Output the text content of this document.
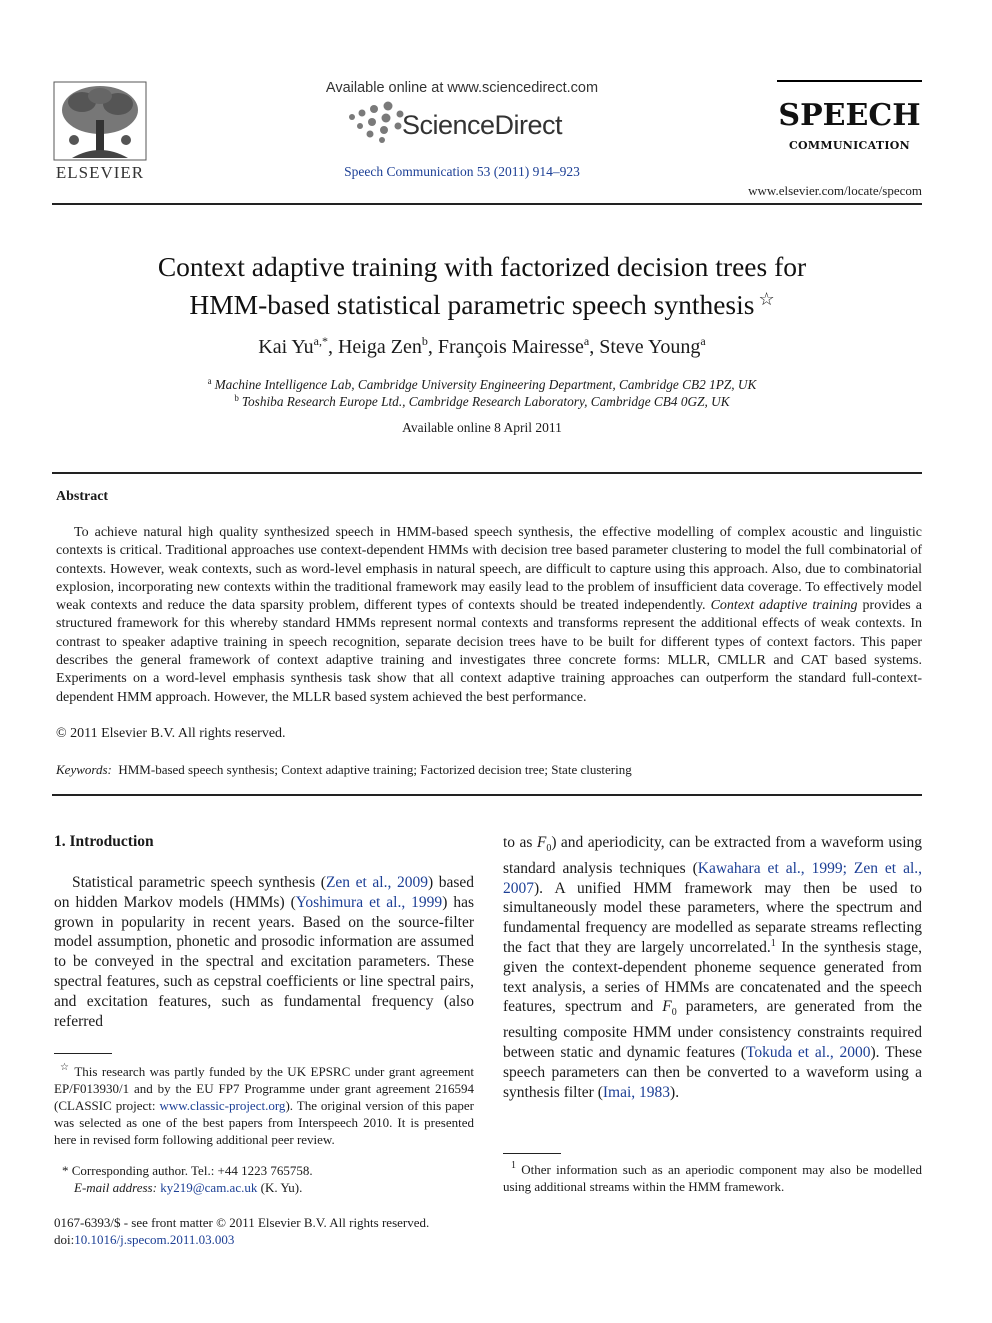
ELSEVIER
Available online at www.sciencedirect.com
ScienceDirect
Speech Communication 53 (2011) 914–923
SPEECH
COMMUNICATION
www.elsevier.com/locate/specom
Context adaptive training with factorized decision trees for
HMM-based statistical parametric speech synthesis ☆
Kai $Yu^{a,*}$, Heiga Zen$^b$, François Mairesse$^a$, Steve Young$^a$
$^a$ Machine Intelligence Lab, Cambridge University Engineering Department, Cambridge CB2 1PZ, UK
$^b$ Toshiba Research Europe Ltd., Cambridge Research Laboratory, Cambridge CB4 0GZ, UK
Available online 8 April 2011
Abstract
To achieve natural high quality synthesized speech in HMM-based speech synthesis, the effective modelling of complex acoustic and linguistic contexts is critical. Traditional approaches use context-dependent HMMs with decision tree based parameter clustering to model the full combinatorial of contexts. However, weak contexts, such as word-level emphasis in natural speech, are difficult to capture using this approach. Also, due to combinatorial explosion, incorporating new contexts within the traditional framework may easily lead to the problem of insufficient data coverage. To effectively model weak contexts and reduce the data sparsity problem, different types of contexts should be treated independently. Context adaptive training provides a structured framework for this whereby standard HMMs represent normal contexts and transforms represent the additional effects of weak contexts. In contrast to speaker adaptive training in speech recognition, separate decision trees have to be built for different types of context factors. This paper describes the general framework of context adaptive training and investigates three concrete forms: MLLR, CMLLR and CAT based systems. Experiments on a word-level emphasis synthesis task show that all context adaptive training approaches can outperform the standard full-context-dependent HMM approach. However, the MLLR based system achieved the best performance.
© 2011 Elsevier B.V. All rights reserved.
Keywords: HMM-based speech synthesis; Context adaptive training; Factorized decision tree; State clustering
1. Introduction
Statistical parametric speech synthesis (Zen et al., 2009) based on hidden Markov models (HMMs) (Yoshimura et al., 1999) has grown in popularity in recent years. Based on the source-filter model assumption, phonetic and prosodic information are assumed to be conveyed in the spectral and excitation parameters. These spectral features, such as cepstral coefficients or line spectral pairs, and excitation features, such as fundamental frequency (also referred
☆ This research was partly funded by the UK EPSRC under grant agreement EP/F013930/1 and by the EU FP7 Programme under grant agreement 216594 (CLASSIC project: www.classic-project.org). The original version of this paper was selected as one of the best papers from Interspeech 2010. It is presented here in revised form following additional peer review.
* Corresponding author. Tel.: +44 1223 765758.
E-mail address: ky219@cam.ac.uk (K. Yu).
0167-6393/$ - see front matter © 2011 Elsevier B.V. All rights reserved.
doi:10.1016/j.specom.2011.03.003
to as $F_0$) and aperiodicity, can be extracted from a waveform using standard analysis techniques (Kawahara et al., 1999; Zen et al., 2007). A unified HMM framework may then be used to simultaneously model these parameters, where the spectrum and fundamental frequency are modelled as separate streams reflecting the fact that they are largely uncorrelated.$^1$ In the synthesis stage, given the context-dependent phoneme sequence generated from text analysis, a series of HMMs are concatenated and the speech features, spectrum and $F_0$ parameters, are generated from the resulting composite HMM under consistency constraints required between static and dynamic features (Tokuda et al., 2000). These speech parameters can then be converted to a waveform using a synthesis filter (Imai, 1983).
$^1$ Other information such as an aperiodic component may also be modelled using additional streams within the HMM framework.
